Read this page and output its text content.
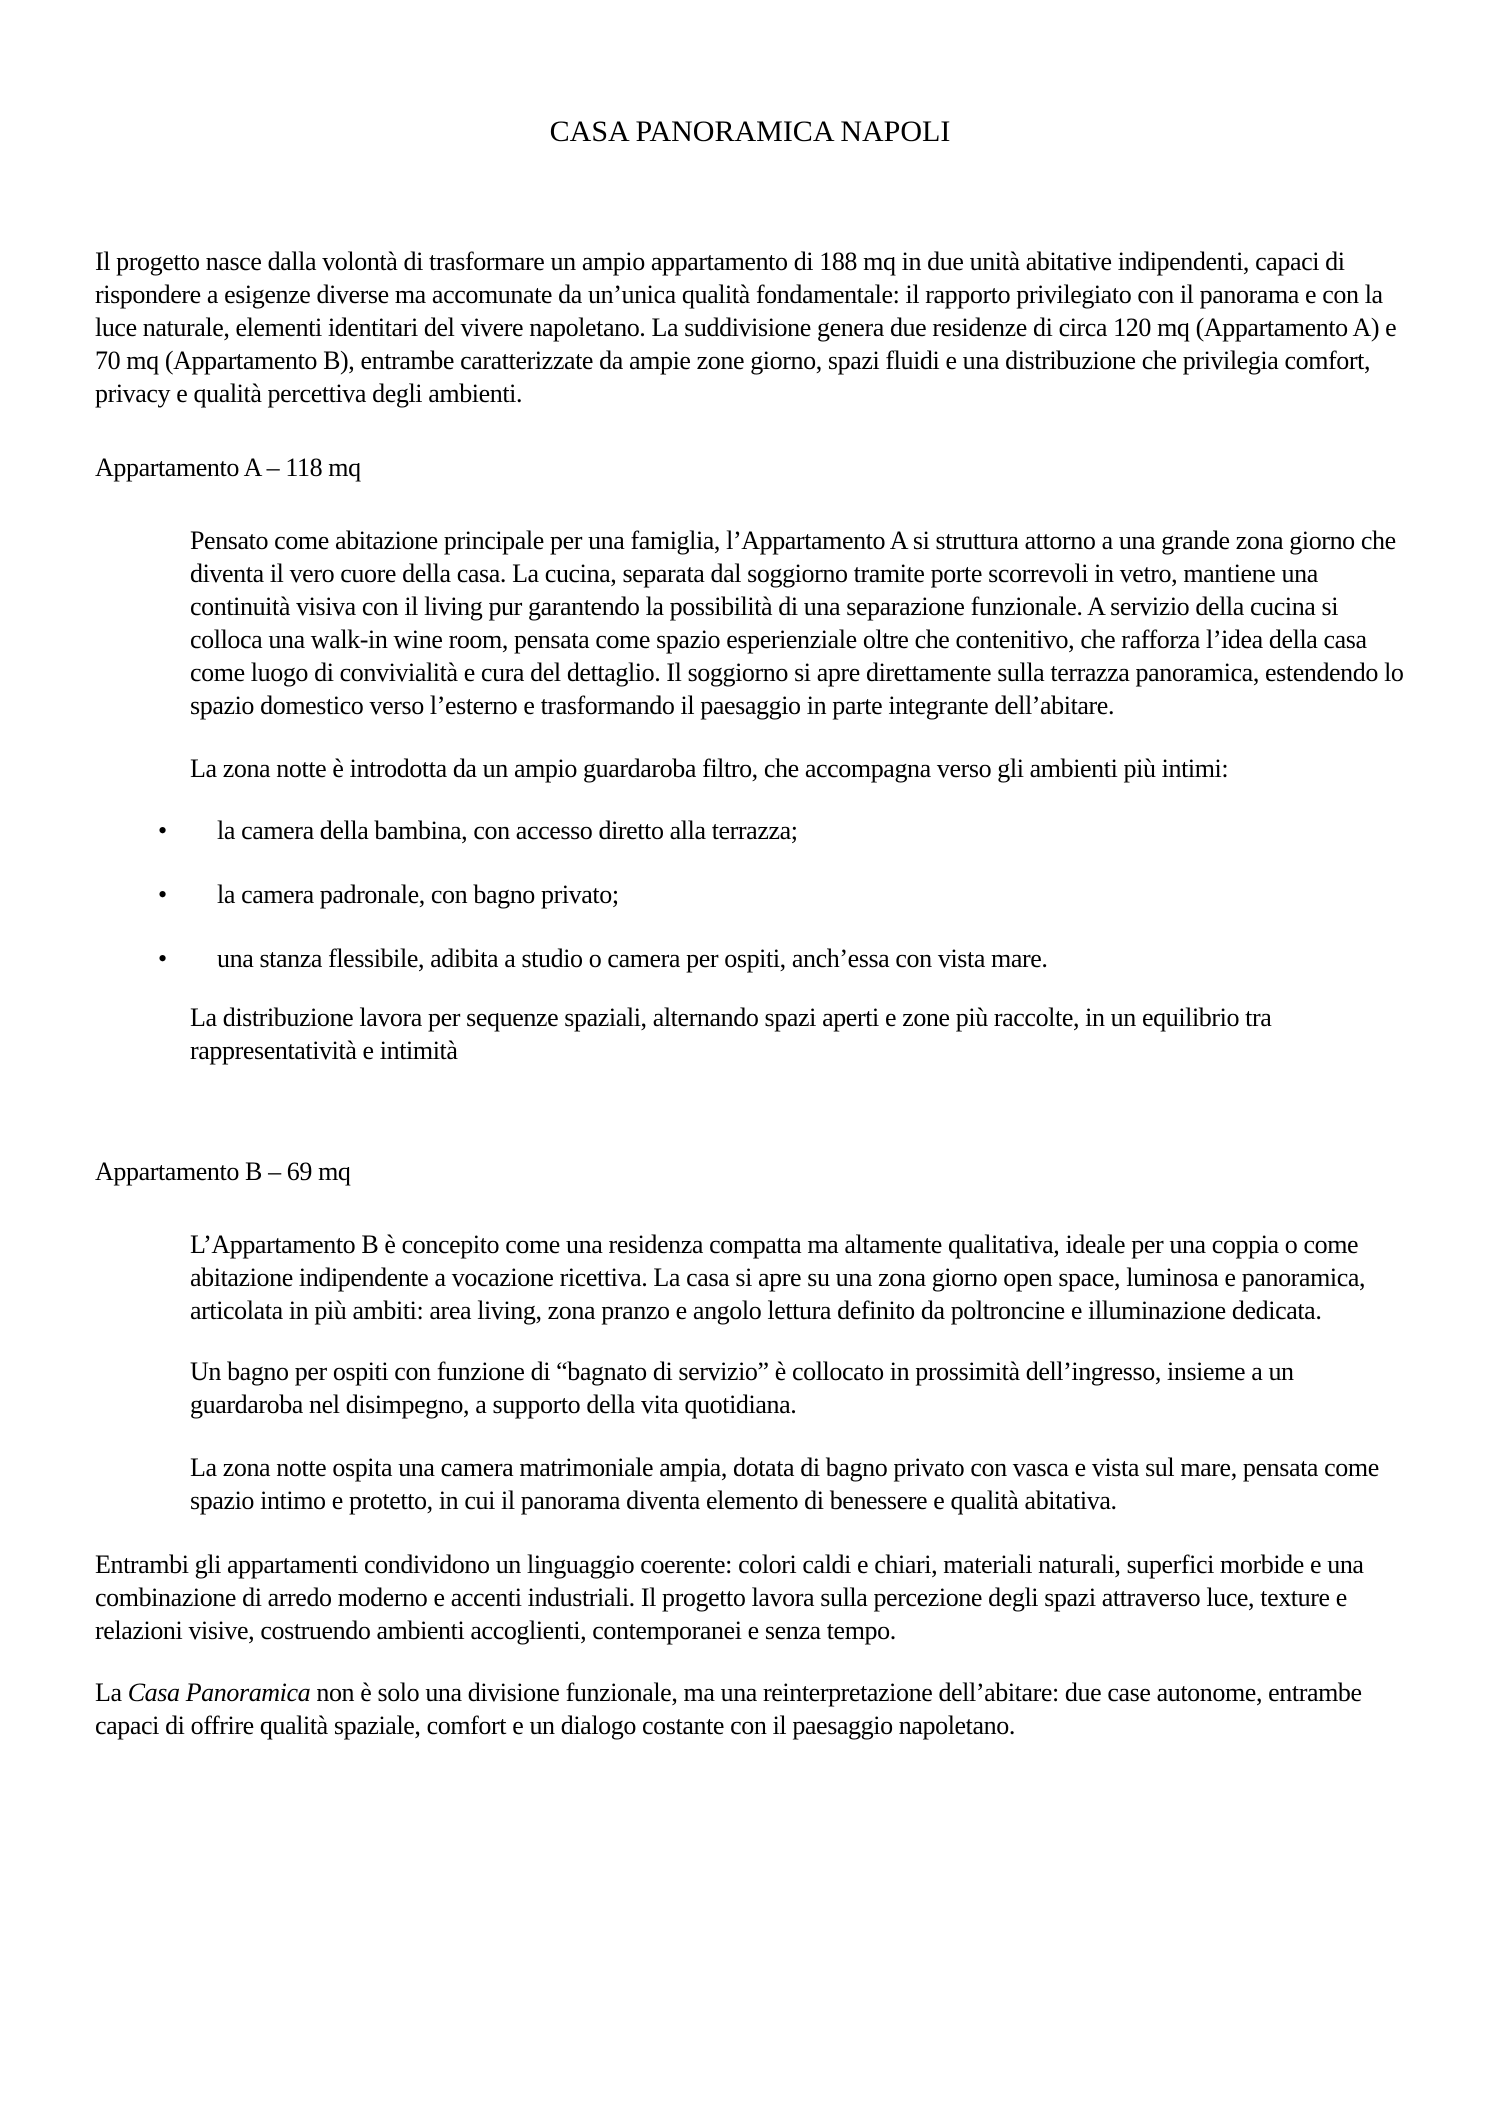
CASA PANORAMICA NAPOLI

Il progetto nasce dalla volontà di trasformare un ampio appartamento di 188 mq in due unità abitative indipendenti, capaci di rispondere a esigenze diverse ma accomunate da un’unica qualità fondamentale: il rapporto privilegiato con il panorama e con la luce naturale, elementi identitari del vivere napoletano. La suddivisione genera due residenze di circa 120 mq (Appartamento A) e 70 mq (Appartamento B), entrambe caratterizzate da ampie zone giorno, spazi fluidi e una distribuzione che privilegia comfort, privacy e qualità percettiva degli ambienti.

Appartamento A – 118 mq

Pensato come abitazione principale per una famiglia, l’Appartamento A si struttura attorno a una grande zona giorno che diventa il vero cuore della casa. La cucina, separata dal soggiorno tramite porte scorrevoli in vetro, mantiene una continuità visiva con il living pur garantendo la possibilità di una separazione funzionale. A servizio della cucina si colloca una walk-in wine room, pensata come spazio esperienziale oltre che contenitivo, che rafforza l’idea della casa come luogo di convivialità e cura del dettaglio. Il soggiorno si apre direttamente sulla terrazza panoramica, estendendo lo spazio domestico verso l’esterno e trasformando il paesaggio in parte integrante dell’abitare.

La zona notte è introdotta da un ampio guardaroba filtro, che accompagna verso gli ambienti più intimi:

•	la camera della bambina, con accesso diretto alla terrazza;
•	la camera padronale, con bagno privato;
•	una stanza flessibile, adibita a studio o camera per ospiti, anch’essa con vista mare.

La distribuzione lavora per sequenze spaziali, alternando spazi aperti e zone più raccolte, in un equilibrio tra rappresentatività e intimità

Appartamento B – 69 mq

L’Appartamento B è concepito come una residenza compatta ma altamente qualitativa, ideale per una coppia o come abitazione indipendente a vocazione ricettiva. La casa si apre su una zona giorno open space, luminosa e panoramica, articolata in più ambiti: area living, zona pranzo e angolo lettura definito da poltroncine e illuminazione dedicata.

Un bagno per ospiti con funzione di “bagnato di servizio” è collocato in prossimità dell’ingresso, insieme a un guardaroba nel disimpegno, a supporto della vita quotidiana.

La zona notte ospita una camera matrimoniale ampia, dotata di bagno privato con vasca e vista sul mare, pensata come spazio intimo e protetto, in cui il panorama diventa elemento di benessere e qualità abitativa.

Entrambi gli appartamenti condividono un linguaggio coerente: colori caldi e chiari, materiali naturali, superfici morbide e una combinazione di arredo moderno e accenti industriali. Il progetto lavora sulla percezione degli spazi attraverso luce, texture e relazioni visive, costruendo ambienti accoglienti, contemporanei e senza tempo.

La Casa Panoramica non è solo una divisione funzionale, ma una reinterpretazione dell’abitare: due case autonome, entrambe capaci di offrire qualità spaziale, comfort e un dialogo costante con il paesaggio napoletano.
